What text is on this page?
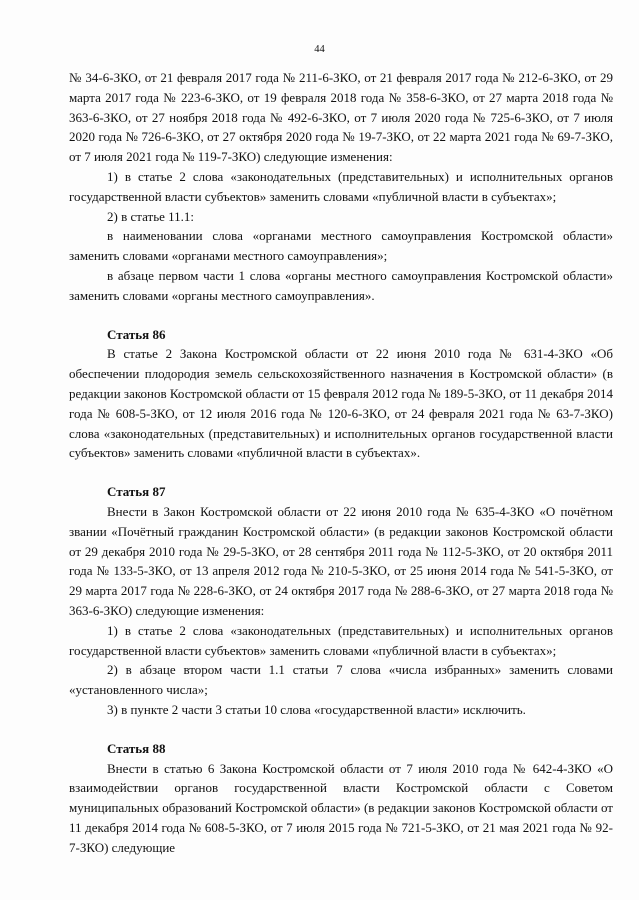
44

№ 34-6-ЗКО, от 21 февраля 2017 года № 211-6-ЗКО, от 21 февраля 2017 года № 212-6-ЗКО, от 29 марта 2017 года № 223-6-ЗКО, от 19 февраля 2018 года № 358-6-ЗКО, от 27 марта 2018 года № 363-6-ЗКО, от 27 ноября 2018 года № 492-6-ЗКО, от 7 июля 2020 года № 725-6-ЗКО, от 7 июля 2020 года № 726-6-ЗКО, от 27 октября 2020 года № 19-7-ЗКО, от 22 марта 2021 года № 69-7-ЗКО, от 7 июля 2021 года № 119-7-ЗКО) следующие изменения:

1) в статье 2 слова «законодательных (представительных) и исполнительных органов государственной власти субъектов» заменить словами «публичной власти в субъектах»;

2) в статье 11.1:

в наименовании слова «органами местного самоуправления Костромской области» заменить словами «органами местного самоуправления»;

в абзаце первом части 1 слова «органы местного самоуправления Костромской области» заменить словами «органы местного самоуправления».

Статья 86

В статье 2 Закона Костромской области от 22 июня 2010 года № 631-4-ЗКО «Об обеспечении плодородия земель сельскохозяйственного назначения в Костромской области» (в редакции законов Костромской области от 15 февраля 2012 года № 189-5-ЗКО, от 11 декабря 2014 года № 608-5-ЗКО, от 12 июля 2016 года № 120-6-ЗКО, от 24 февраля 2021 года № 63-7-ЗКО) слова «законодательных (представительных) и исполнительных органов государственной власти субъектов» заменить словами «публичной власти в субъектах».

Статья 87

Внести в Закон Костромской области от 22 июня 2010 года № 635-4-ЗКО «О почётном звании «Почётный гражданин Костромской области» (в редакции законов Костромской области от 29 декабря 2010 года № 29-5-ЗКО, от 28 сентября 2011 года № 112-5-ЗКО, от 20 октября 2011 года № 133-5-ЗКО, от 13 апреля 2012 года № 210-5-ЗКО, от 25 июня 2014 года № 541-5-ЗКО, от 29 марта 2017 года № 228-6-ЗКО, от 24 октября 2017 года № 288-6-ЗКО, от 27 марта 2018 года № 363-6-ЗКО) следующие изменения:

1) в статье 2 слова «законодательных (представительных) и исполнительных органов государственной власти субъектов» заменить словами «публичной власти в субъектах»;

2) в абзаце втором части 1.1 статьи 7 слова «числа избранных» заменить словами «установленного числа»;

3) в пункте 2 части 3 статьи 10 слова «государственной власти» исключить.

Статья 88

Внести в статью 6 Закона Костромской области от 7 июля 2010 года № 642-4-ЗКО «О взаимодействии органов государственной власти Костромской области с Советом муниципальных образований Костромской области» (в редакции законов Костромской области от 11 декабря 2014 года № 608-5-ЗКО, от 7 июля 2015 года № 721-5-ЗКО, от 21 мая 2021 года № 92-7-ЗКО) следующие
